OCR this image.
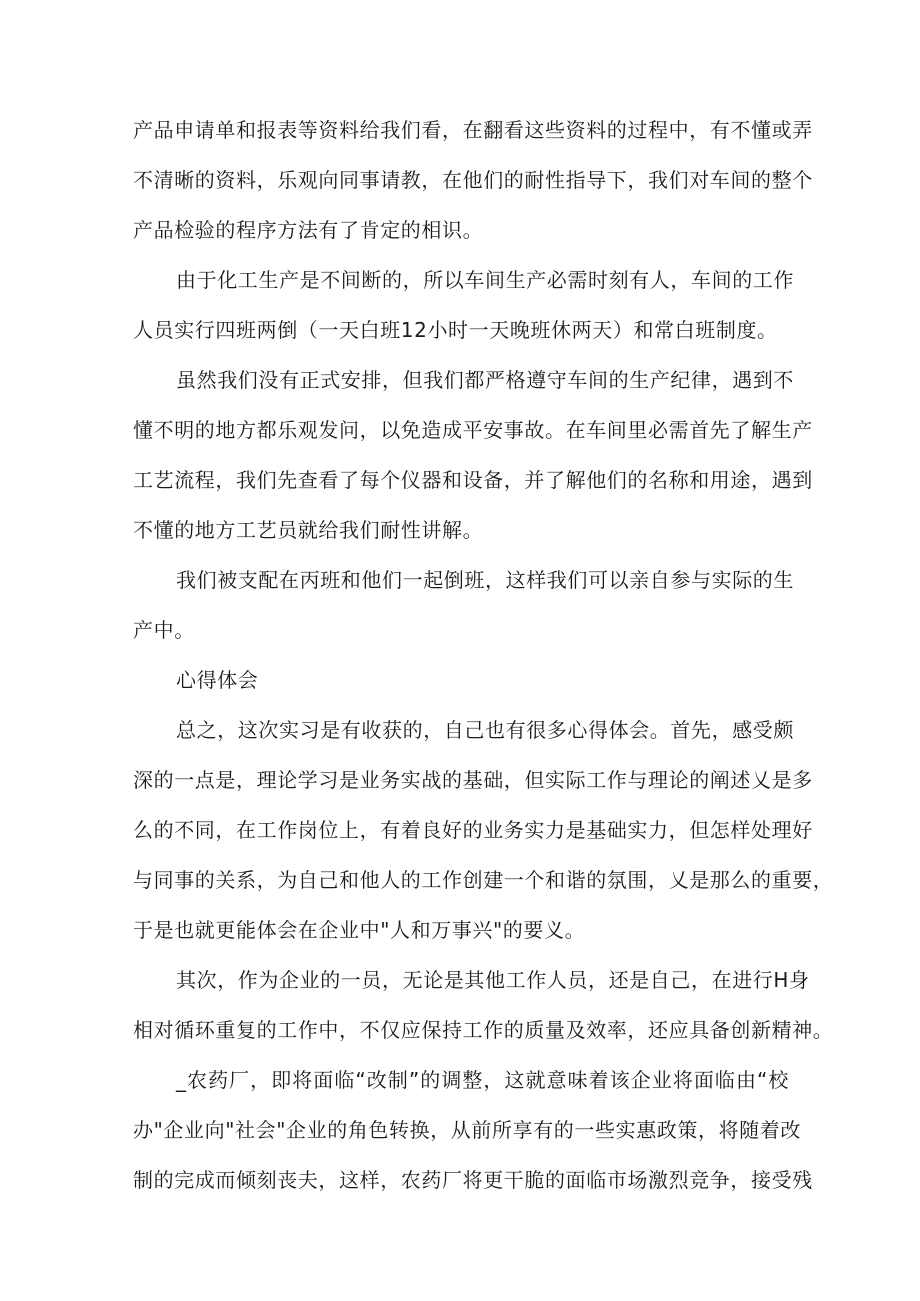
产品申请单和报表等资料给我们看，在翻看这些资料的过程中，有不懂或弄
不清晰的资料，乐观向同事请教，在他们的耐性指导下，我们对车间的整个
产品检验的程序方法有了肯定的相识。
由于化工生产是不间断的，所以车间生产必需时刻有人，车间的工作
人员实行四班两倒（一天白班12小时一天晚班休两天）和常白班制度。
虽然我们没有正式安排，但我们都严格遵守车间的生产纪律，遇到不
懂不明的地方都乐观发问，以免造成平安事故。在车间里必需首先了解生产
工艺流程，我们先查看了每个仪器和设备，并了解他们的名称和用途，遇到
不懂的地方工艺员就给我们耐性讲解。
我们被支配在丙班和他们一起倒班，这样我们可以亲自参与实际的生
产中。
心得体会
总之，这次实习是有收获的，自己也有很多心得体会。首先，感受颇
深的一点是，理论学习是业务实战的基础，但实际工作与理论的阐述乂是多
么的不同，在工作岗位上，有着良好的业务实力是基础实力，但怎样处理好
与同事的关系，为自己和他人的工作创建一个和谐的氛围，乂是那么的重要，
于是也就更能体会在企业中"人和万事兴"的要义。
其次，作为企业的一员，无论是其他工作人员，还是自己，在进行H身
相对循环重复的工作中，不仅应保持工作的质量及效率，还应具备创新精神。
_农药厂，即将面临“改制”的调整，这就意味着该企业将面临由“校
办"企业向"社会"企业的角色转换，从前所享有的一些实惠政策，将随着改
制的完成而倾刻丧夫，这样，农药厂将更干脆的面临市场激烈竞争，接受残
